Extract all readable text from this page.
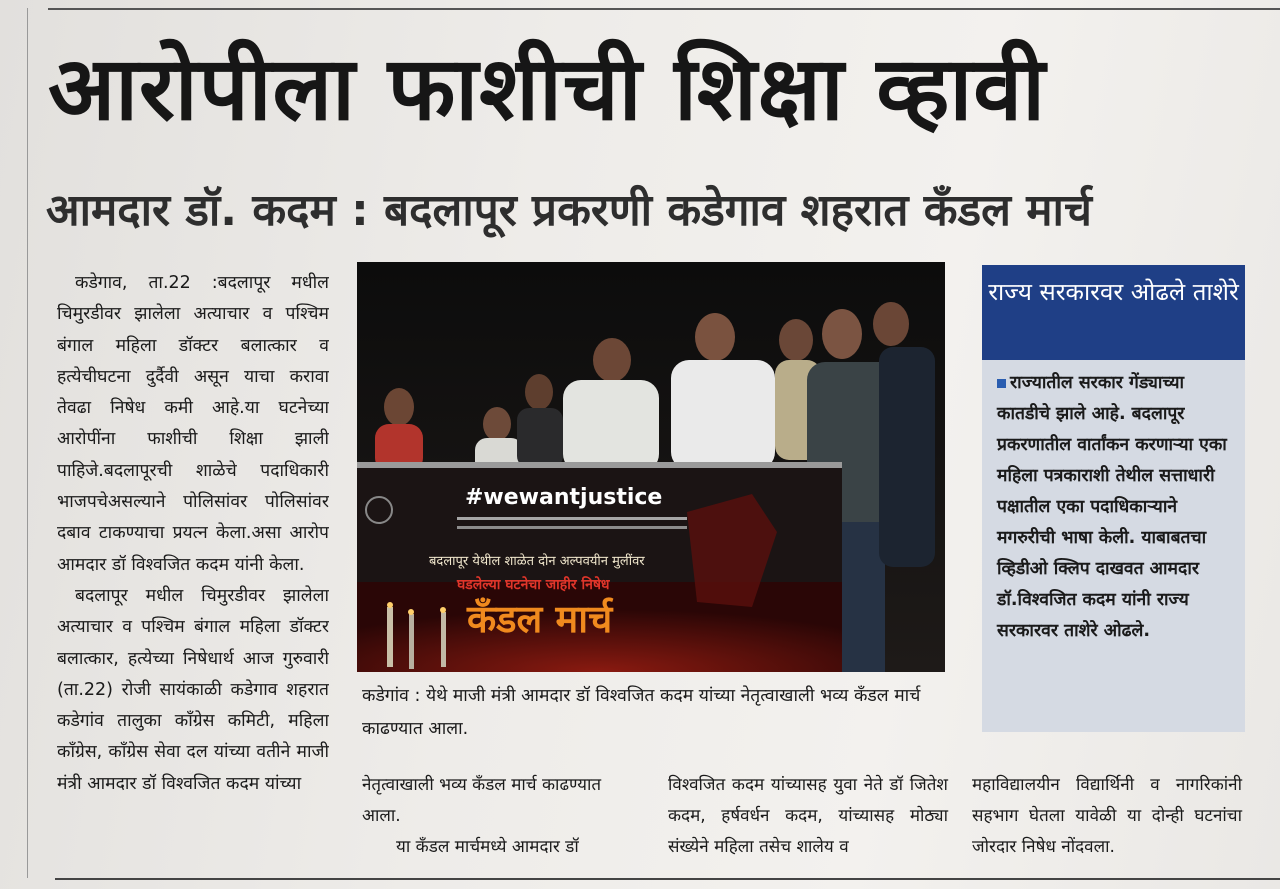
आरोपीला फाशीची शिक्षा व्हावी
आमदार डॉ. कदम : बदलापूर प्रकरणी कडेगाव शहरात कँडल मार्च

कडेगाव, ता.22 :बदलापूर मधील चिमुरडीवर झालेला अत्याचार व पश्चिम बंगाल महिला डॉक्टर बलात्कार व हत्येचीघटना दुर्दैवी असून याचा करावा तेवढा निषेध कमी आहे.या घटनेच्या आरोपींना फाशीची शिक्षा झाली पाहिजे.बदलापूरची शाळेचे पदाधिकारी भाजपचेअसल्याने पोलिसांवर पोलिसांवर दबाव टाकण्याचा प्रयत्न केला.असा आरोप आमदार डॉ विश्वजित कदम यांनी केला.

बदलापूर मधील चिमुरडीवर झालेला अत्याचार व पश्चिम बंगाल महिला डॉक्टर बलात्कार, हत्येच्या निषेधार्थ आज गुरुवारी (ता.22) रोजी सायंकाळी कडेगाव शहरात कडेगांव तालुका काँग्रेस कमिटी, महिला काँग्रेस, काँग्रेस सेवा दल यांच्या वतीने माजी मंत्री आमदार डॉ विश्वजित कदम यांच्या

#wewantjustice
बदलापूर येथील शाळेत दोन अल्पवयीन मुलींवर
घडलेल्या घटनेचा जाहीर निषेध
कँडल मार्च
कडेगांव : येथे माजी मंत्री आमदार डॉ विश्वजित कदम यांच्या नेतृत्वाखाली भव्य कँडल मार्च काढण्यात आला.
नेतृत्वाखाली भव्य कँडल मार्च काढण्यात
आला.
या कँडल मार्चमध्ये आमदार डॉ
विश्वजित कदम यांच्यासह युवा नेते डॉ जितेश कदम, हर्षवर्धन कदम, यांच्यासह मोठ्या संख्येने महिला तसेच शालेय व
महाविद्यालयीन विद्यार्थिनी व नागरिकांनी सहभाग घेतला यावेळी या दोन्ही घटनांचा जोरदार निषेध नोंदवला.
राज्य सरकारवर ओढले ताशेरे
राज्यातील सरकार गेंड्याच्या कातडीचे झाले आहे. बदलापूर प्रकरणातील वार्तांकन करणाऱ्या एका महिला पत्रकाराशी तेथील सत्ताधारी पक्षातील एका पदाधिकाऱ्याने मगरुरीची भाषा केली. याबाबतचा व्हिडीओ क्लिप दाखवत आमदार डॉ.विश्वजित कदम यांनी राज्य सरकारवर ताशेरे ओढले.
